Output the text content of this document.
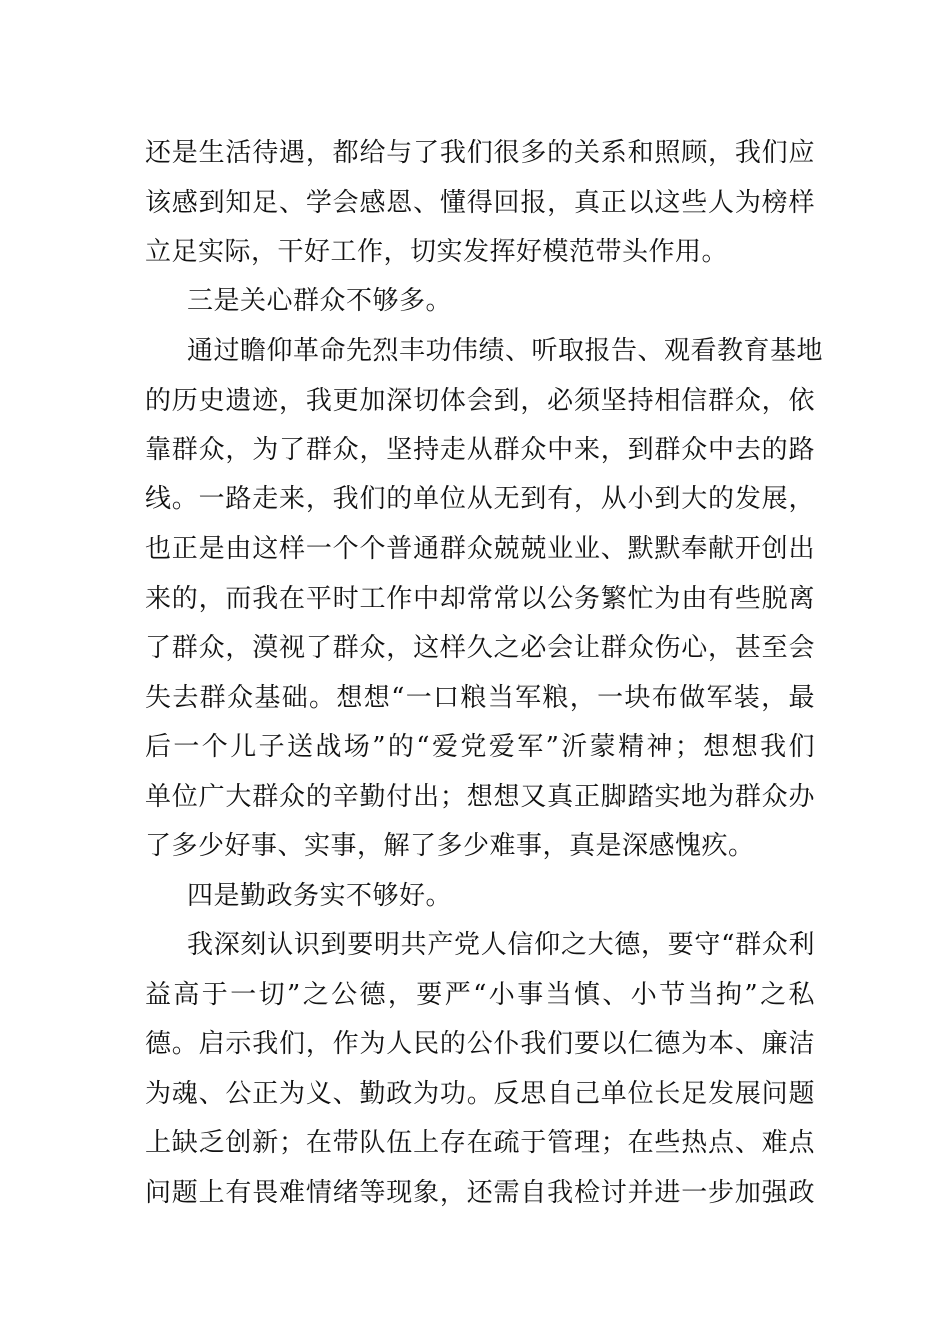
还是生活待遇，都给与了我们很多的关系和照顾，我们应
该感到知足、学会感恩、懂得回报，真正以这些人为榜样
立足实际，干好工作，切实发挥好模范带头作用。
三是关心群众不够多。
通过瞻仰革命先烈丰功伟绩、听取报告、观看教育基地
的历史遗迹，我更加深切体会到，必须坚持相信群众，依
靠群众，为了群众，坚持走从群众中来，到群众中去的路
线。一路走来，我们的单位从无到有，从小到大的发展，
也正是由这样一个个普通群众兢兢业业、默默奉献开创出
来的，而我在平时工作中却常常以公务繁忙为由有些脱离
了群众，漠视了群众，这样久之必会让群众伤心，甚至会
失去群众基础。想想“一口粮当军粮，一块布做军装，最
后一个儿子送战场”的“爱党爱军”沂蒙精神；想想我们
单位广大群众的辛勤付出；想想又真正脚踏实地为群众办
了多少好事、实事，解了多少难事，真是深感愧疚。
四是勤政务实不够好。
我深刻认识到要明共产党人信仰之大德，要守“群众利
益高于一切”之公德，要严“小事当慎、小节当拘”之私
德。启示我们，作为人民的公仆我们要以仁德为本、廉洁
为魂、公正为义、勤政为功。反思自己单位长足发展问题
上缺乏创新；在带队伍上存在疏于管理；在些热点、难点
问题上有畏难情绪等现象，还需自我检讨并进一步加强政
